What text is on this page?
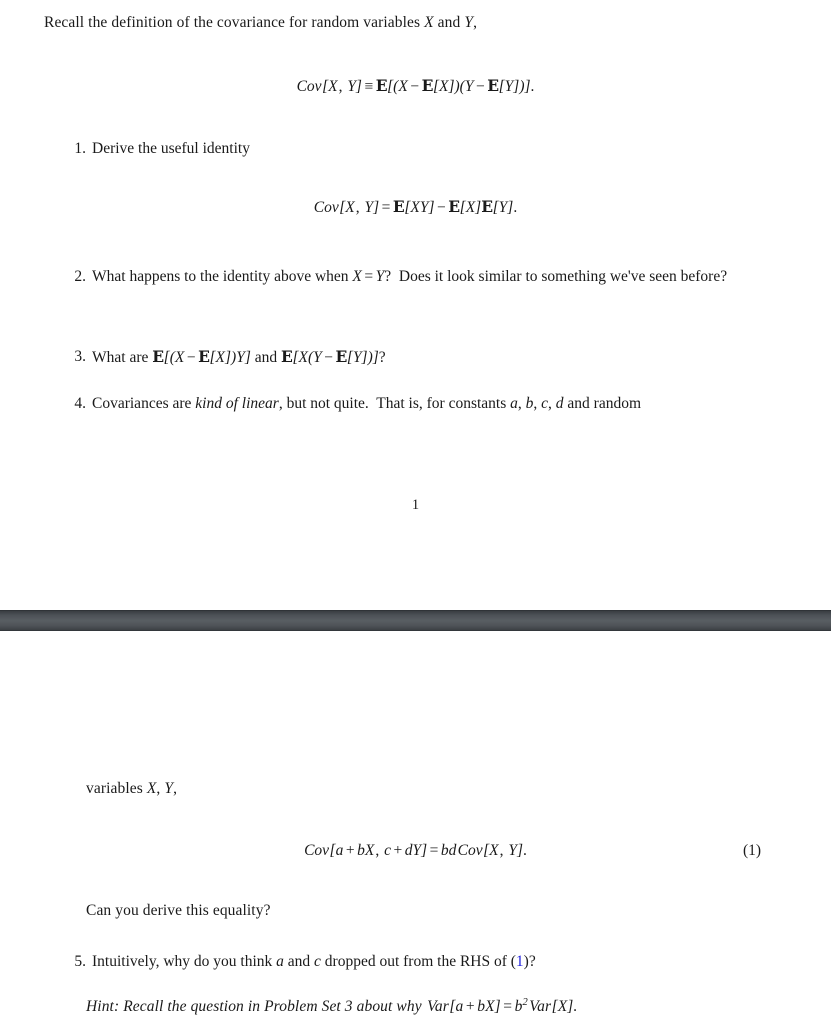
Recall the definition of the covariance for random variables X and Y,
Cov[X, Y] ≡ E[(X − E[X])(Y − E[Y])].
1. Derive the useful identity
Cov[X, Y] = E[XY] − E[X]E[Y].
2. What happens to the identity above when X = Y?  Does it look similar to something we've seen before?
3. What are E[(X − E[X])Y] and E[X(Y − E[Y])]?
4. Covariances are kind of linear, but not quite.  That is, for constants a, b, c, d and random
1
variables X, Y,
Cov[a + bX, c + dY] = bd Cov[X, Y].	(1)
Can you derive this equality?
5. Intuitively, why do you think a and c dropped out from the RHS of (1)?
Hint: Recall the question in Problem Set 3 about why  $Var[a + bX] = b^2$ Var[X].
